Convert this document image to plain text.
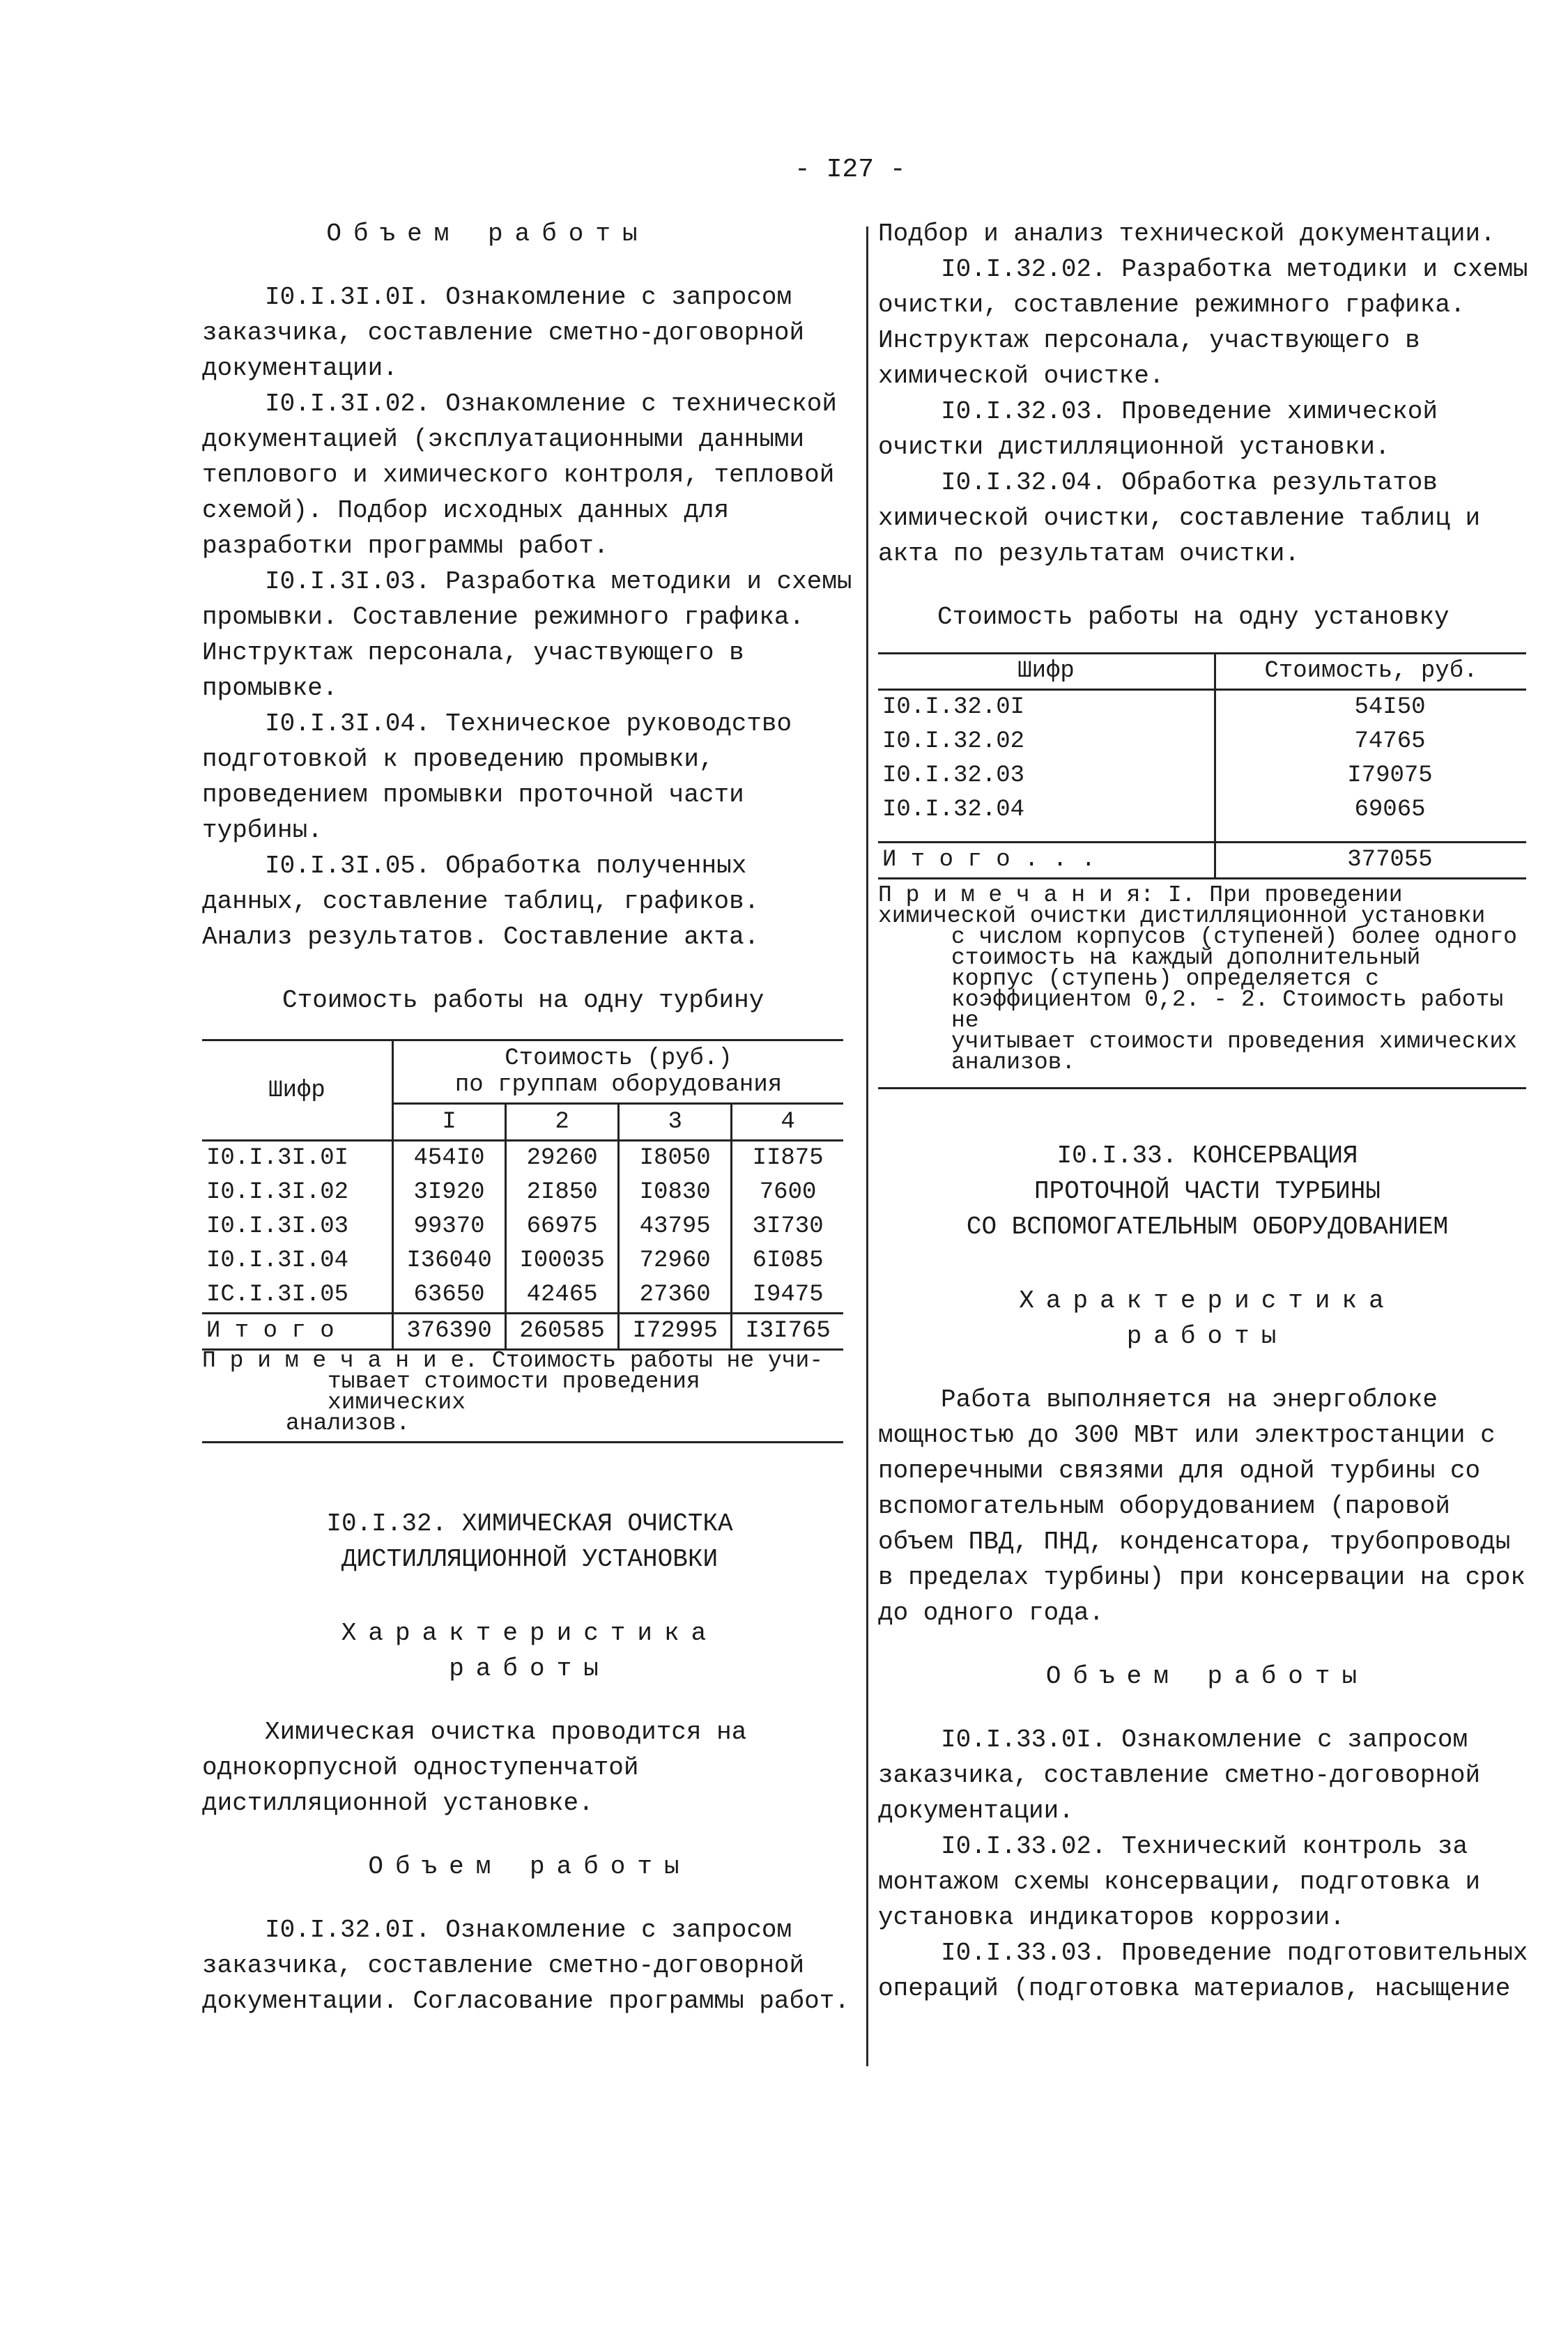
- I27 -

Объем работы

I0.I.3I.0I. Ознакомление с запросом заказчика, составление сметно-договорной документации.

I0.I.3I.02. Ознакомление с технической документацией (эксплуатационными данными теплового и химического контроля, тепловой схемой). Подбор исходных данных для разработки программы работ.

I0.I.3I.03. Разработка методики и схемы промывки. Составление режимного графика. Инструктаж персонала, участвующего в промывке.

I0.I.3I.04. Техническое руководство подготовкой к проведению промывки, проведением промывки проточной части турбины.

I0.I.3I.05. Обработка полученных данных, составление таблиц, графиков. Анализ результатов. Составление акта.

Стоимость работы на одну турбину

Шифр	Стоимость (руб.)
по группам оборудования			
	I	2	3	4
I0.I.3I.0I	454I0	29260	I8050	II875
I0.I.3I.02	3I920	2I850	I0830	7600
I0.I.3I.03	99370	66975	43795	3I730
I0.I.3I.04	I36040	I00035	72960	6I085
IC.I.3I.05	63650	42465	27360	I9475
И т о г о	376390	260585	I72995	I3I765
П р и м е ч а н и е. Стоимость работы не учи-
тывает стоимости проведения химических
анализов.

I0.I.32. ХИМИЧЕСКАЯ ОЧИСТКА
ДИСТИЛЛЯЦИОННОЙ УСТАНОВКИ

Характеристика
работы

Химическая очистка проводится на однокорпусной одноступенчатой дистилляционной установке.

Объем работы

I0.I.32.0I. Ознакомление с запросом заказчика, составление сметно-договорной документации. Согласование программы работ.

Подбор и анализ технической документации.

I0.I.32.02. Разработка методики и схемы очистки, составление режимного графика. Инструктаж персонала, участвующего в химической очистке.

I0.I.32.03. Проведение химической очистки дистилляционной установки.

I0.I.32.04. Обработка результатов химической очистки, составление таблиц и акта по результатам очистки.

Стоимость работы на одну установку

Шифр	Стоимость, руб.
I0.I.32.0I	54I50
I0.I.32.02	74765
I0.I.32.03	I79075
I0.I.32.04	69065
И т о г о . . .	377055
П р и м е ч а н и я: I. При проведении химической очистки дистилляционной установки
с числом корпусов (ступеней) более одного стоимость на каждый дополнительный
корпус (ступень) определяется с коэффициентом 0,2. - 2. Стоимость работы не
учитывает стоимости проведения химических анализов.

I0.I.33. КОНСЕРВАЦИЯ
ПРОТОЧНОЙ ЧАСТИ ТУРБИНЫ
СО ВСПОМОГАТЕЛЬНЫМ ОБОРУДОВАНИЕМ

Характеристика
работы

Работа выполняется на энергоблоке мощностью до 300 МВт или электростанции с поперечными связями для одной турбины со вспомогательным оборудованием (паровой объем ПВД, ПНД, конденсатора, трубопроводы в пределах турбины) при консервации на срок до одного года.

Объем работы

I0.I.33.0I. Ознакомление с запросом заказчика, составление сметно-договорной документации.

I0.I.33.02. Технический контроль за монтажом схемы консервации, подготовка и установка индикаторов коррозии.

I0.I.33.03. Проведение подготовительных операций (подготовка материалов, насыщение
